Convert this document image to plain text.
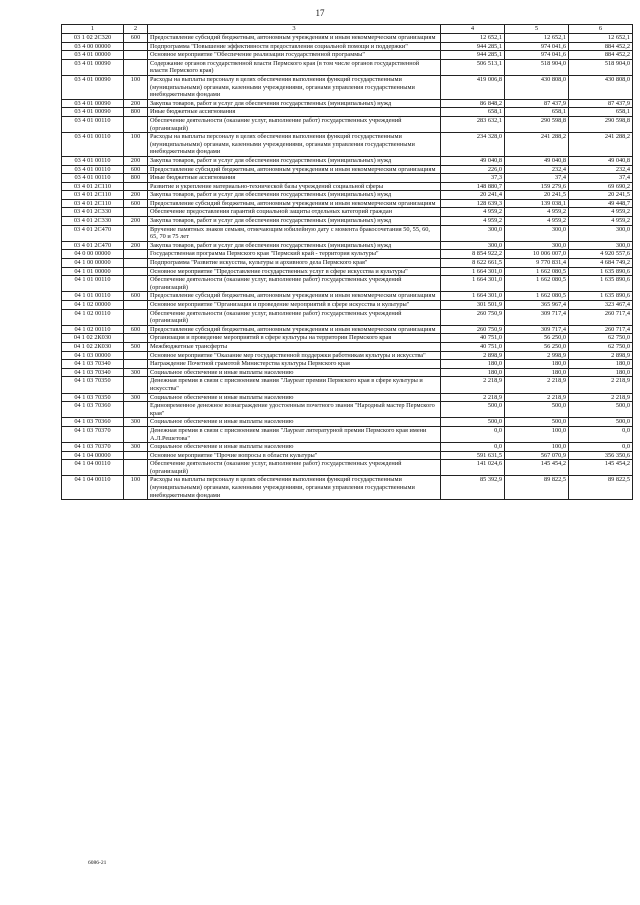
17
1	2	3	4	5	6
03 1 02 2С320	600	Предоставление субсидий бюджетным, автономным учреждениям и иным некоммерческим организациям	12 652,1	12 652,1	12 652,1
03 4 00 00000		Подпрограмма "Повышение эффективности предоставления социальной помощи и поддержки"	944 285,1	974 041,6	884 452,2
03 4 01 00000		Основное мероприятие "Обеспечение реализации государственной программы"	944 285,1	974 041,6	884 452,2
03 4 01 00090		Содержание органов государственной власти Пермского края (в том числе органов государственной власти Пермского края)	506 513,1	518 904,0	518 904,0
03 4 01 00090	100	Расходы на выплаты персоналу в целях обеспечения выполнения функций государственными (муниципальными) органами, казенными учреждениями, органами управления государственными внебюджетными фондами	419 006,8	430 808,0	430 808,0
03 4 01 00090	200	Закупка товаров, работ и услуг для обеспечения государственных (муниципальных) нужд	86 848,2	87 437,9	87 437,9
03 4 01 00090	800	Иные бюджетные ассигнования	658,1	658,1	658,1
03 4 01 00110		Обеспечение деятельности (оказание услуг, выполнение работ) государственных учреждений (организаций)	283 632,1	290 598,8	290 598,8
03 4 01 00110	100	Расходы на выплаты персоналу в целях обеспечения выполнения функций государственными (муниципальными) органами, казенными учреждениями, органами управления государственными внебюджетными фондами	234 328,0	241 288,2	241 288,2
03 4 01 00110	200	Закупка товаров, работ и услуг для обеспечения государственных (муниципальных) нужд	49 040,8	49 040,8	49 040,8
03 4 01 00110	600	Предоставление субсидий бюджетным, автономным учреждениям и иным некоммерческим организациям	226,0	232,4	232,4
03 4 01 00110	800	Иные бюджетные ассигнования	37,3	37,4	37,4
03 4 01 2С110		Развитие и укрепление материально-технической базы учреждений социальной сферы	148 880,7	159 279,6	69 690,2
03 4 01 2С110	200	Закупка товаров, работ и услуг для обеспечения государственных (муниципальных) нужд	20 241,4	20 241,5	20 241,5
03 4 01 2С110	600	Предоставление субсидий бюджетным, автономным учреждениям и иным некоммерческим организациям	128 639,3	139 038,1	49 448,7
03 4 01 2С330		Обеспечение предоставления гарантий социальной защиты отдельных категорий граждан	4 959,2	4 959,2	4 959,2
03 4 01 2С330	200	Закупка товаров, работ и услуг для обеспечения государственных (муниципальных) нужд	4 959,2	4 959,2	4 959,2
03 4 01 2С470		Вручение памятных знаков семьям, отмечающим юбилейную дату с момента бракосочетания 50, 55, 60, 65, 70 и 75 лет	300,0	300,0	300,0
03 4 01 2С470	200	Закупка товаров, работ и услуг для обеспечения государственных (муниципальных) нужд	300,0	300,0	300,0
04 0 00 00000		Государственная программа Пермского края "Пермский край - территория культуры"	8 854 922,2	10 006 007,0	4 920 557,6
04 1 00 00000		Подпрограмма "Развитие искусства, культуры и архивного дела Пермского края"	8 622 661,5	9 770 831,4	4 684 749,2
04 1 01 00000		Основное мероприятие "Предоставление государственных услуг в сфере искусства и культуры"	1 664 301,0	1 662 080,5	1 635 890,6
04 1 01 00110		Обеспечение деятельности (оказание услуг, выполнение работ) государственных учреждений (организаций)	1 664 301,0	1 662 080,5	1 635 890,6
04 1 01 00110	600	Предоставление субсидий бюджетным, автономным учреждениям и иным некоммерческим организациям	1 664 301,0	1 662 080,5	1 635 890,6
04 1 02 00000		Основное мероприятие "Организация и проведение мероприятий в сфере искусства и культуры"	301 501,9	365 967,4	323 467,4
04 1 02 00110		Обеспечение деятельности (оказание услуг, выполнение работ) государственных учреждений (организаций)	260 750,9	309 717,4	260 717,4
04 1 02 00110	600	Предоставление субсидий бюджетным, автономным учреждениям и иным некоммерческим организациям	260 750,9	309 717,4	260 717,4
04 1 02 2К030		Организация и проведение мероприятий в сфере культуры на территории Пермского края	40 751,0	56 250,0	62 750,0
04 1 02 2К030	500	Межбюджетные трансферты	40 751,0	56 250,0	62 750,0
04 1 03 00000		Основное мероприятие "Оказание мер государственной поддержки работникам культуры и искусства"	2 898,9	2 998,9	2 898,9
04 1 03 70340		Награждение Почетной грамотой Министерства культуры Пермского края	180,0	180,0	180,0
04 1 03 70340	300	Социальное обеспечение и иные выплаты населению	180,0	180,0	180,0
04 1 03 70350		Денежная премия в связи с присвоением звания "Лауреат премии Пермского края в сфере культуры и искусства"	2 218,9	2 218,9	2 218,9
04 1 03 70350	300	Социальное обеспечение и иные выплаты населению	2 218,9	2 218,9	2 218,9
04 1 03 70360		Единовременное денежное вознаграждение удостоенным почетного звания "Народный мастер Пермского края"	500,0	500,0	500,0
04 1 03 70360	300	Социальное обеспечение и иные выплаты населению	500,0	500,0	500,0
04 1 03 70370		Денежная премия в связи с присвоением звания "Лауреат литературной премии Пермского края имени А.Л.Решетова"	0,0	100,0	0,0
04 1 03 70370	300	Социальное обеспечение и иные выплаты населению	0,0	100,0	0,0
04 1 04 00000		Основное мероприятие "Прочие вопросы в области культуры"	591 631,5	567 070,9	356 350,6
04 1 04 00110		Обеспечение деятельности (оказание услуг, выполнение работ) государственных учреждений (организаций)	141 024,6	145 454,2	145 454,2
04 1 04 00110	100	Расходы на выплаты персоналу в целях обеспечения выполнения функций государственными (муниципальными) органами, казенными учреждениями, органами управления государственными внебюджетными фондами	85 392,9	89 822,5	89 822,5
6086-21
